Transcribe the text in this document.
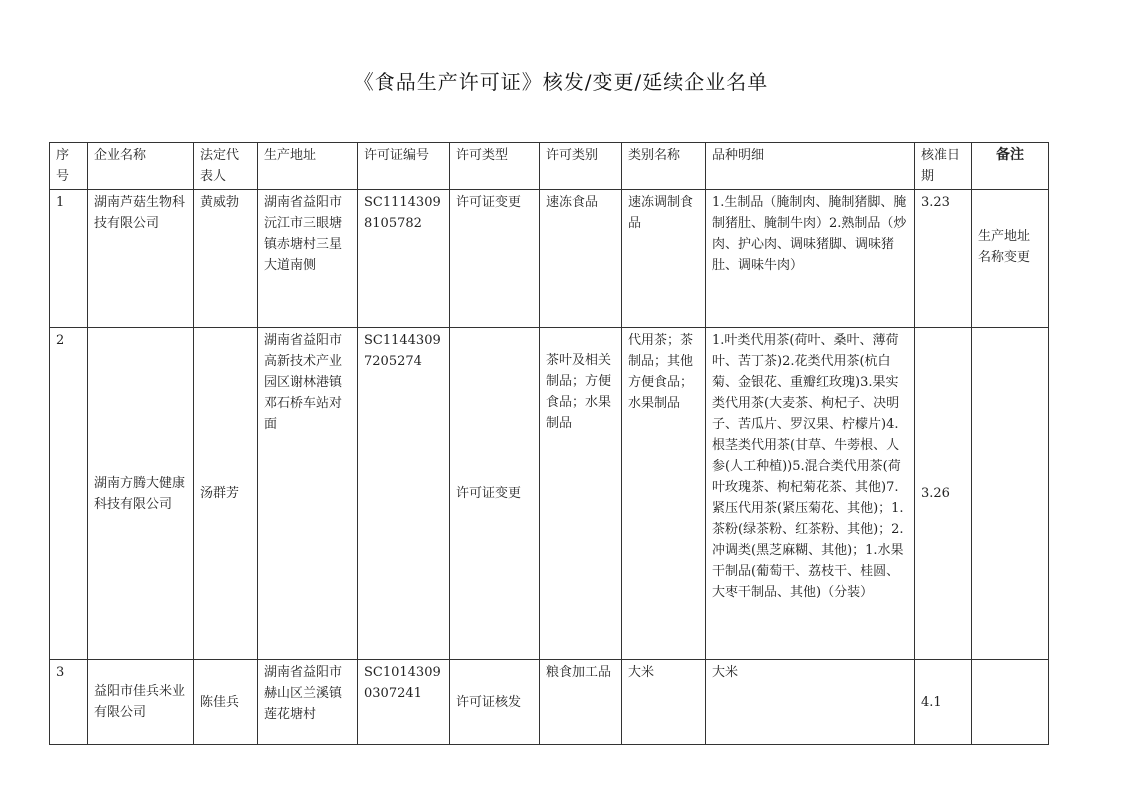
《食品生产许可证》核发/变更/延续企业名单
序号	企业名称	法定代表人	生产地址	许可证编号	许可类型	许可类别	类别名称	品种明细	核准日期	备注
1	湖南芦菇生物科技有限公司	黄威勃	湖南省益阳市沅江市三眼塘镇赤塘村三星大道南侧	SC11143098105782	许可证变更	速冻食品	速冻调制食品	1.生制品（腌制肉、腌制猪脚、腌制猪肚、腌制牛肉）2.熟制品（炒肉、护心肉、调味猪脚、调味猪肚、调味牛肉）	3.23	生产地址名称变更
2	湖南方腾大健康科技有限公司	汤群芳	湖南省益阳市高新技术产业园区谢林港镇邓石桥车站对面	SC11443097205274	许可证变更	茶叶及相关制品；方便食品；水果制品	代用茶；茶制品；其他方便食品；水果制品	1.叶类代用茶(荷叶、桑叶、薄荷叶、苦丁茶)2.花类代用茶(杭白菊、金银花、重瓣红玫瑰)3.果实类代用茶(大麦茶、枸杞子、决明子、苦瓜片、罗汉果、柠檬片)4.根茎类代用茶(甘草、牛蒡根、人参(人工种植))5.混合类代用茶(荷叶玫瑰茶、枸杞菊花茶、其他)7.紧压代用茶(紧压菊花、其他)；1.茶粉(绿茶粉、红茶粉、其他)；2.冲调类(黑芝麻糊、其他)；1.水果干制品(葡萄干、荔枝干、桂圆、大枣干制品、其他)（分装）	3.26	
3	益阳市佳兵米业有限公司	陈佳兵	湖南省益阳市赫山区兰溪镇莲花塘村	SC10143090307241	许可证核发	粮食加工品	大米	大米	4.1	
